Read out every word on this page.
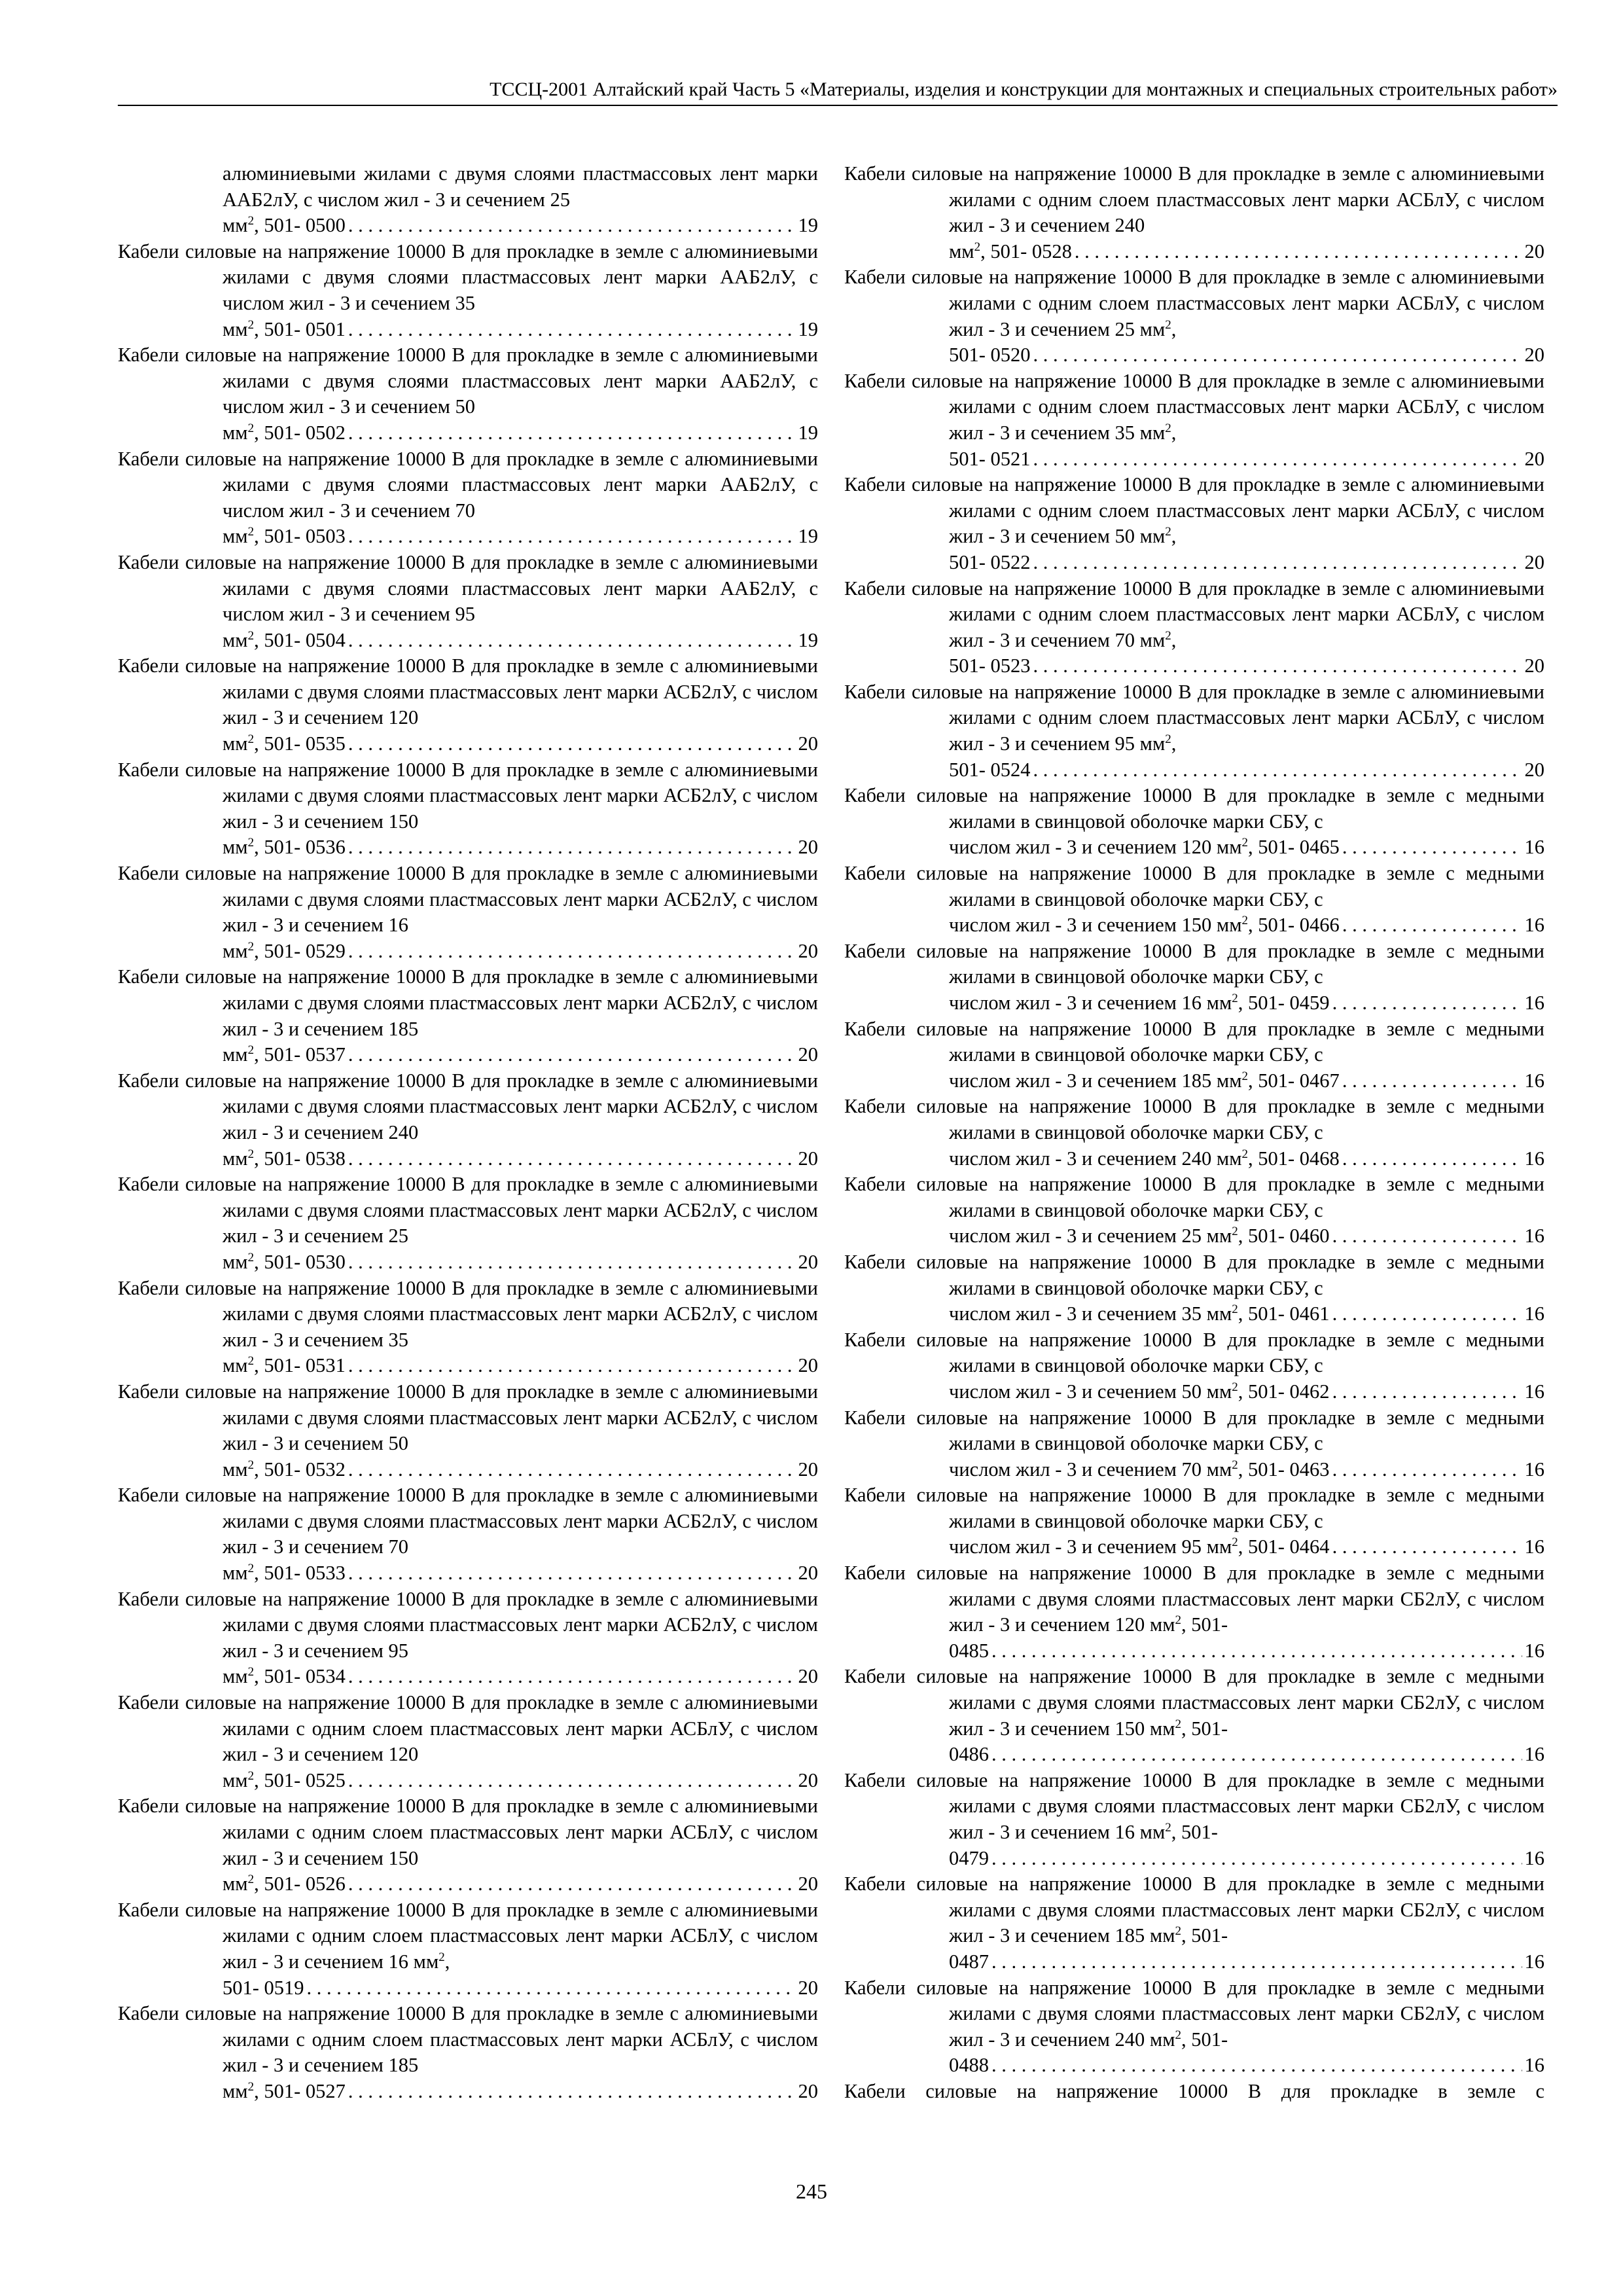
ТССЦ-2001 Алтайский край Часть 5 «Материалы, изделия и конструкции для монтажных и специальных строительных работ»
алюминиевыми жилами с двумя слоями пластмассовых лент марки ААБ2лУ, с числом жил - 3 и сечением 25
$мм^2$, 501- 0500 . . .	19
Кабели силовые на напряжение 10000 В для прокладке в земле с алюминиевыми жилами с двумя слоями пластмассовых лент марки ААБ2лУ, с числом жил - 3 и сечением 35
$мм^2$, 501- 0501 . . .	19
Кабели силовые на напряжение 10000 В для прокладке в земле с алюминиевыми жилами с двумя слоями пластмассовых лент марки ААБ2лУ, с числом жил - 3 и сечением 50
$мм^2$, 501- 0502 . . .	19
Кабели силовые на напряжение 10000 В для прокладке в земле с алюминиевыми жилами с двумя слоями пластмассовых лент марки ААБ2лУ, с числом жил - 3 и сечением 70
$мм^2$, 501- 0503 . . .	19
Кабели силовые на напряжение 10000 В для прокладке в земле с алюминиевыми жилами с двумя слоями пластмассовых лент марки ААБ2лУ, с числом жил - 3 и сечением 95
$мм^2$, 501- 0504 . . .	19
Кабели силовые на напряжение 10000 В для прокладке в земле с алюминиевыми жилами с двумя слоями пластмассовых лент марки АСБ2лУ, с числом жил - 3 и сечением 120
$мм^2$, 501- 0535 . . .	20
Кабели силовые на напряжение 10000 В для прокладке в земле с алюминиевыми жилами с двумя слоями пластмассовых лент марки АСБ2лУ, с числом жил - 3 и сечением 150
$мм^2$, 501- 0536 . . .	20
Кабели силовые на напряжение 10000 В для прокладке в земле с алюминиевыми жилами с двумя слоями пластмассовых лент марки АСБ2лУ, с числом жил - 3 и сечением 16
$мм^2$, 501- 0529 . . .	20
Кабели силовые на напряжение 10000 В для прокладке в земле с алюминиевыми жилами с двумя слоями пластмассовых лент марки АСБ2лУ, с числом жил - 3 и сечением 185
$мм^2$, 501- 0537 . . .	20
Кабели силовые на напряжение 10000 В для прокладке в земле с алюминиевыми жилами с двумя слоями пластмассовых лент марки АСБ2лУ, с числом жил - 3 и сечением 240
$мм^2$, 501- 0538 . . .	20
Кабели силовые на напряжение 10000 В для прокладке в земле с алюминиевыми жилами с двумя слоями пластмассовых лент марки АСБ2лУ, с числом жил - 3 и сечением 25
$мм^2$, 501- 0530 . . .	20
Кабели силовые на напряжение 10000 В для прокладке в земле с алюминиевыми жилами с двумя слоями пластмассовых лент марки АСБ2лУ, с числом жил - 3 и сечением 35
$мм^2$, 501- 0531 . . .	20
Кабели силовые на напряжение 10000 В для прокладке в земле с алюминиевыми жилами с двумя слоями пластмассовых лент марки АСБ2лУ, с числом жил - 3 и сечением 50
$мм^2$, 501- 0532 . . .	20
Кабели силовые на напряжение 10000 В для прокладке в земле с алюминиевыми жилами с двумя слоями пластмассовых лент марки АСБ2лУ, с числом жил - 3 и сечением 70
$мм^2$, 501- 0533 . . .	20
Кабели силовые на напряжение 10000 В для прокладке в земле с алюминиевыми жилами с двумя слоями пластмассовых лент марки АСБ2лУ, с числом жил - 3 и сечением 95
$мм^2$, 501- 0534 . . .	20
Кабели силовые на напряжение 10000 В для прокладке в земле с алюминиевыми жилами с одним слоем пластмассовых лент марки АСБлУ, с числом жил - 3 и сечением 120
$мм^2$, 501- 0525 . . .	20
Кабели силовые на напряжение 10000 В для прокладке в земле с алюминиевыми жилами с одним слоем пластмассовых лент марки АСБлУ, с числом жил - 3 и сечением 150
$мм^2$, 501- 0526 . . .	20
Кабели силовые на напряжение 10000 В для прокладке в земле с алюминиевыми жилами с одним слоем пластмассовых лент марки АСБлУ, с числом жил - 3 и сечением 16 $мм^2$,
501- 0519 . . .	20
Кабели силовые на напряжение 10000 В для прокладке в земле с алюминиевыми жилами с одним слоем пластмассовых лент марки АСБлУ, с числом жил - 3 и сечением 185
$мм^2$, 501- 0527 . . .	20
Кабели силовые на напряжение 10000 В для прокладке в земле с алюминиевыми жилами с одним слоем пластмассовых лент марки АСБлУ, с числом жил - 3 и сечением 240
$мм^2$, 501- 0528 . . .	20
Кабели силовые на напряжение 10000 В для прокладке в земле с алюминиевыми жилами с одним слоем пластмассовых лент марки АСБлУ, с числом жил - 3 и сечением 25 $мм^2$,
501- 0520 . . .	20
Кабели силовые на напряжение 10000 В для прокладке в земле с алюминиевыми жилами с одним слоем пластмассовых лент марки АСБлУ, с числом жил - 3 и сечением 35 $мм^2$,
501- 0521 . . .	20
Кабели силовые на напряжение 10000 В для прокладке в земле с алюминиевыми жилами с одним слоем пластмассовых лент марки АСБлУ, с числом жил - 3 и сечением 50 $мм^2$,
501- 0522 . . .	20
Кабели силовые на напряжение 10000 В для прокладке в земле с алюминиевыми жилами с одним слоем пластмассовых лент марки АСБлУ, с числом жил - 3 и сечением 70 $мм^2$,
501- 0523 . . .	20
Кабели силовые на напряжение 10000 В для прокладке в земле с алюминиевыми жилами с одним слоем пластмассовых лент марки АСБлУ, с числом жил - 3 и сечением 95 $мм^2$,
501- 0524 . . .	20
Кабели силовые на напряжение 10000 В для прокладке в земле с медными жилами в свинцовой оболочке марки СБУ, с

числом жил - 3 и сечением 120 $мм^2$, 501- 0465 . . .	16
Кабели силовые на напряжение 10000 В для прокладке в земле с медными жилами в свинцовой оболочке марки СБУ, с

числом жил - 3 и сечением 150 $мм^2$, 501- 0466 . . .	16
Кабели силовые на напряжение 10000 В для прокладке в земле с медными жилами в свинцовой оболочке марки СБУ, с

числом жил - 3 и сечением 16 $мм^2$, 501- 0459 . . .	16
Кабели силовые на напряжение 10000 В для прокладке в земле с медными жилами в свинцовой оболочке марки СБУ, с

числом жил - 3 и сечением 185 $мм^2$, 501- 0467 . . .	16
Кабели силовые на напряжение 10000 В для прокладке в земле с медными жилами в свинцовой оболочке марки СБУ, с

числом жил - 3 и сечением 240 $мм^2$, 501- 0468 . . .	16
Кабели силовые на напряжение 10000 В для прокладке в земле с медными жилами в свинцовой оболочке марки СБУ, с

числом жил - 3 и сечением 25 $мм^2$, 501- 0460 . . .	16
Кабели силовые на напряжение 10000 В для прокладке в земле с медными жилами в свинцовой оболочке марки СБУ, с

числом жил - 3 и сечением 35 $мм^2$, 501- 0461 . . .	16
Кабели силовые на напряжение 10000 В для прокладке в земле с медными жилами в свинцовой оболочке марки СБУ, с

числом жил - 3 и сечением 50 $мм^2$, 501- 0462 . . .	16
Кабели силовые на напряжение 10000 В для прокладке в земле с медными жилами в свинцовой оболочке марки СБУ, с

числом жил - 3 и сечением 70 $мм^2$, 501- 0463 . . .	16
Кабели силовые на напряжение 10000 В для прокладке в земле с медными жилами в свинцовой оболочке марки СБУ, с

числом жил - 3 и сечением 95 $мм^2$, 501- 0464 . . .	16
Кабели силовые на напряжение 10000 В для прокладке в земле с медными жилами с двумя слоями пластмассовых лент марки СБ2лУ, с числом жил - 3 и сечением 120 $мм^2$, 501-
0485 . . .	16
Кабели силовые на напряжение 10000 В для прокладке в земле с медными жилами с двумя слоями пластмассовых лент марки СБ2лУ, с числом жил - 3 и сечением 150 $мм^2$, 501-
0486 . . .	16
Кабели силовые на напряжение 10000 В для прокладке в земле с медными жилами с двумя слоями пластмассовых лент марки СБ2лУ, с числом жил - 3 и сечением 16 $мм^2$, 501-
0479 . . .	16
Кабели силовые на напряжение 10000 В для прокладке в земле с медными жилами с двумя слоями пластмассовых лент марки СБ2лУ, с числом жил - 3 и сечением 185 $мм^2$, 501-
0487 . . .	16
Кабели силовые на напряжение 10000 В для прокладке в земле с медными жилами с двумя слоями пластмассовых лент марки СБ2лУ, с числом жил - 3 и сечением 240 $мм^2$, 501-
0488 . . .	16
Кабели силовые на напряжение 10000 В для прокладке в земле с
245
